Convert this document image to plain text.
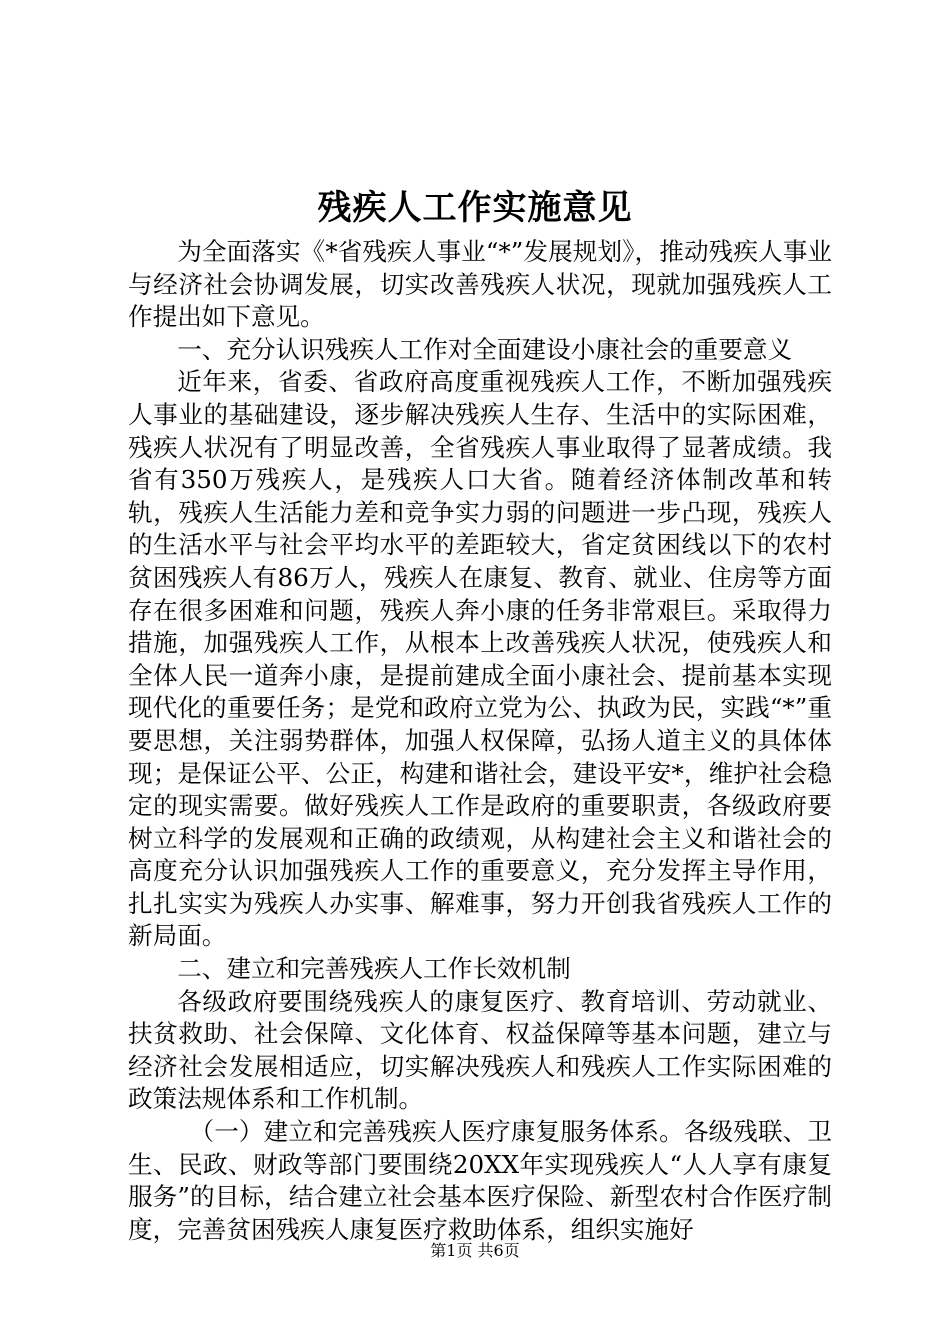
残疾人工作实施意见

为全面落实《*省残疾人事业“*”发展规划》，推动残疾人事业与经济社会协调发展，切实改善残疾人状况，现就加强残疾人工作提出如下意见。

一、充分认识残疾人工作对全面建设小康社会的重要意义

近年来，省委、省政府高度重视残疾人工作，不断加强残疾人事业的基础建设，逐步解决残疾人生存、生活中的实际困难，残疾人状况有了明显改善，全省残疾人事业取得了显著成绩。我省有350万残疾人，是残疾人口大省。随着经济体制改革和转轨，残疾人生活能力差和竞争实力弱的问题进一步凸现，残疾人的生活水平与社会平均水平的差距较大，省定贫困线以下的农村贫困残疾人有86万人，残疾人在康复、教育、就业、住房等方面存在很多困难和问题，残疾人奔小康的任务非常艰巨。采取得力措施，加强残疾人工作，从根本上改善残疾人状况，使残疾人和全体人民一道奔小康，是提前建成全面小康社会、提前基本实现现代化的重要任务；是党和政府立党为公、执政为民，实践“*”重要思想，关注弱势群体，加强人权保障，弘扬人道主义的具体体现；是保证公平、公正，构建和谐社会，建设平安*，维护社会稳定的现实需要。做好残疾人工作是政府的重要职责，各级政府要树立科学的发展观和正确的政绩观，从构建社会主义和谐社会的高度充分认识加强残疾人工作的重要意义，充分发挥主导作用，扎扎实实为残疾人办实事、解难事，努力开创我省残疾人工作的新局面。

二、建立和完善残疾人工作长效机制

各级政府要围绕残疾人的康复医疗、教育培训、劳动就业、扶贫救助、社会保障、文化体育、权益保障等基本问题，建立与经济社会发展相适应，切实解决残疾人和残疾人工作实际困难的政策法规体系和工作机制。

（一）建立和完善残疾人医疗康复服务体系。各级残联、卫生、民政、财政等部门要围绕20XX年实现残疾人“人人享有康复服务”的目标，结合建立社会基本医疗保险、新型农村合作医疗制度，完善贫困残疾人康复医疗救助体系，组织实施好

第1页 共6页
